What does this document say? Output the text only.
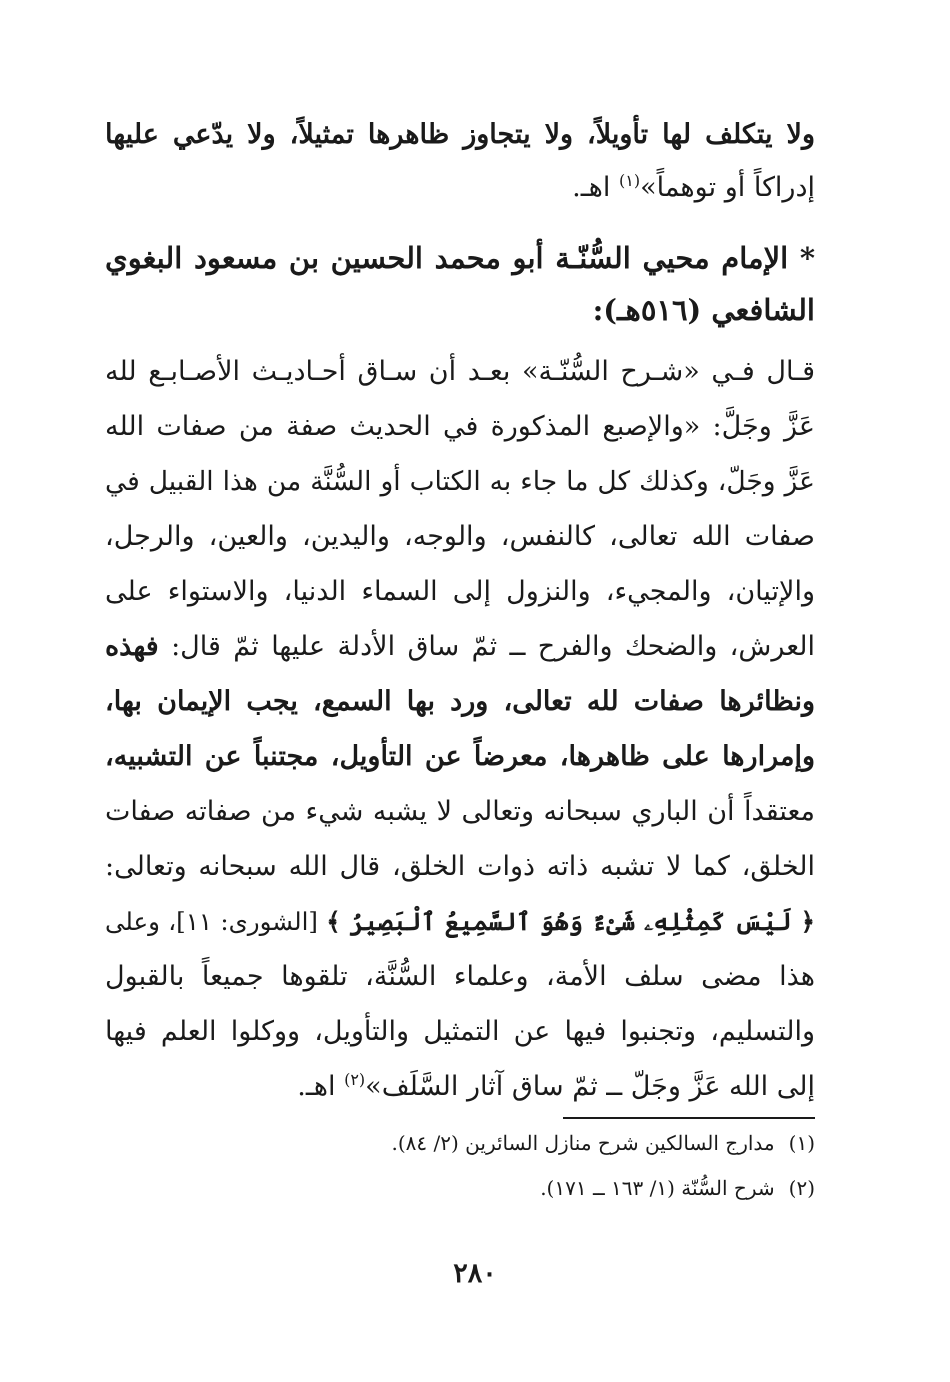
ولا يتكلف لها تأويلاً، ولا يتجاوز ظاهرها تمثيلاً، ولا يدّعي عليها
إدراكاً أو توهماً»$^{(١)}$ اهـ.
* الإمام محيي السُّنّـة أبو محمد الحسين بن مسعود البغوي
الشافعي (٥١٦هـ):
قـال فـي «شـرح السُّنّـة» بعـد أن سـاق أحـاديـث الأصـابـع لله
عَزَّ وجَلَّ: «والإصبع المذكورة في الحديث صفة من صفات الله
عَزَّ وجَلّ، وكذلك كل ما جاء به الكتاب أو السُّنَّة من هذا القبيل في
صفات الله تعالى، كالنفس، والوجه، واليدين، والعين، والرجل،
والإتيان، والمجيء، والنزول إلى السماء الدنيا، والاستواء على
العرش، والضحك والفرح ــ ثمّ ساق الأدلة عليها ثمّ قال: فهذه
ونظائرها صفات لله تعالى، ورد بها السمع، يجب الإيمان بها،
وإمرارها على ظاهرها، معرضاً عن التأويل، مجتنباً عن التشبيه،
معتقداً أن الباري سبحانه وتعالى لا يشبه شيء من صفاته صفات
الخلق، كما لا تشبه ذاته ذوات الخلق، قال الله سبحانه وتعالى:
﴿ لَيْسَ كَمِثْلِهِۦ شَىْءٌ وَهُوَ ٱلسَّمِيعُ ٱلْبَصِيرُ ﴾ [الشورى: ١١]، وعلى
هذا مضى سلف الأمة، وعلماء السُّنَّة، تلقوها جميعاً بالقبول
والتسليم، وتجنبوا فيها عن التمثيل والتأويل، ووكلوا العلم فيها
إلى الله عَزَّ وجَلّ ــ ثمّ ساق آثار السَّلَف»$^{(٢)}$ اهـ.
(١)مدارج السالكين شرح منازل السائرين (٢/ ٨٤).
(٢)شرح السُّنّة (١/ ١٦٣ ــ ١٧١).
٢٨٠
